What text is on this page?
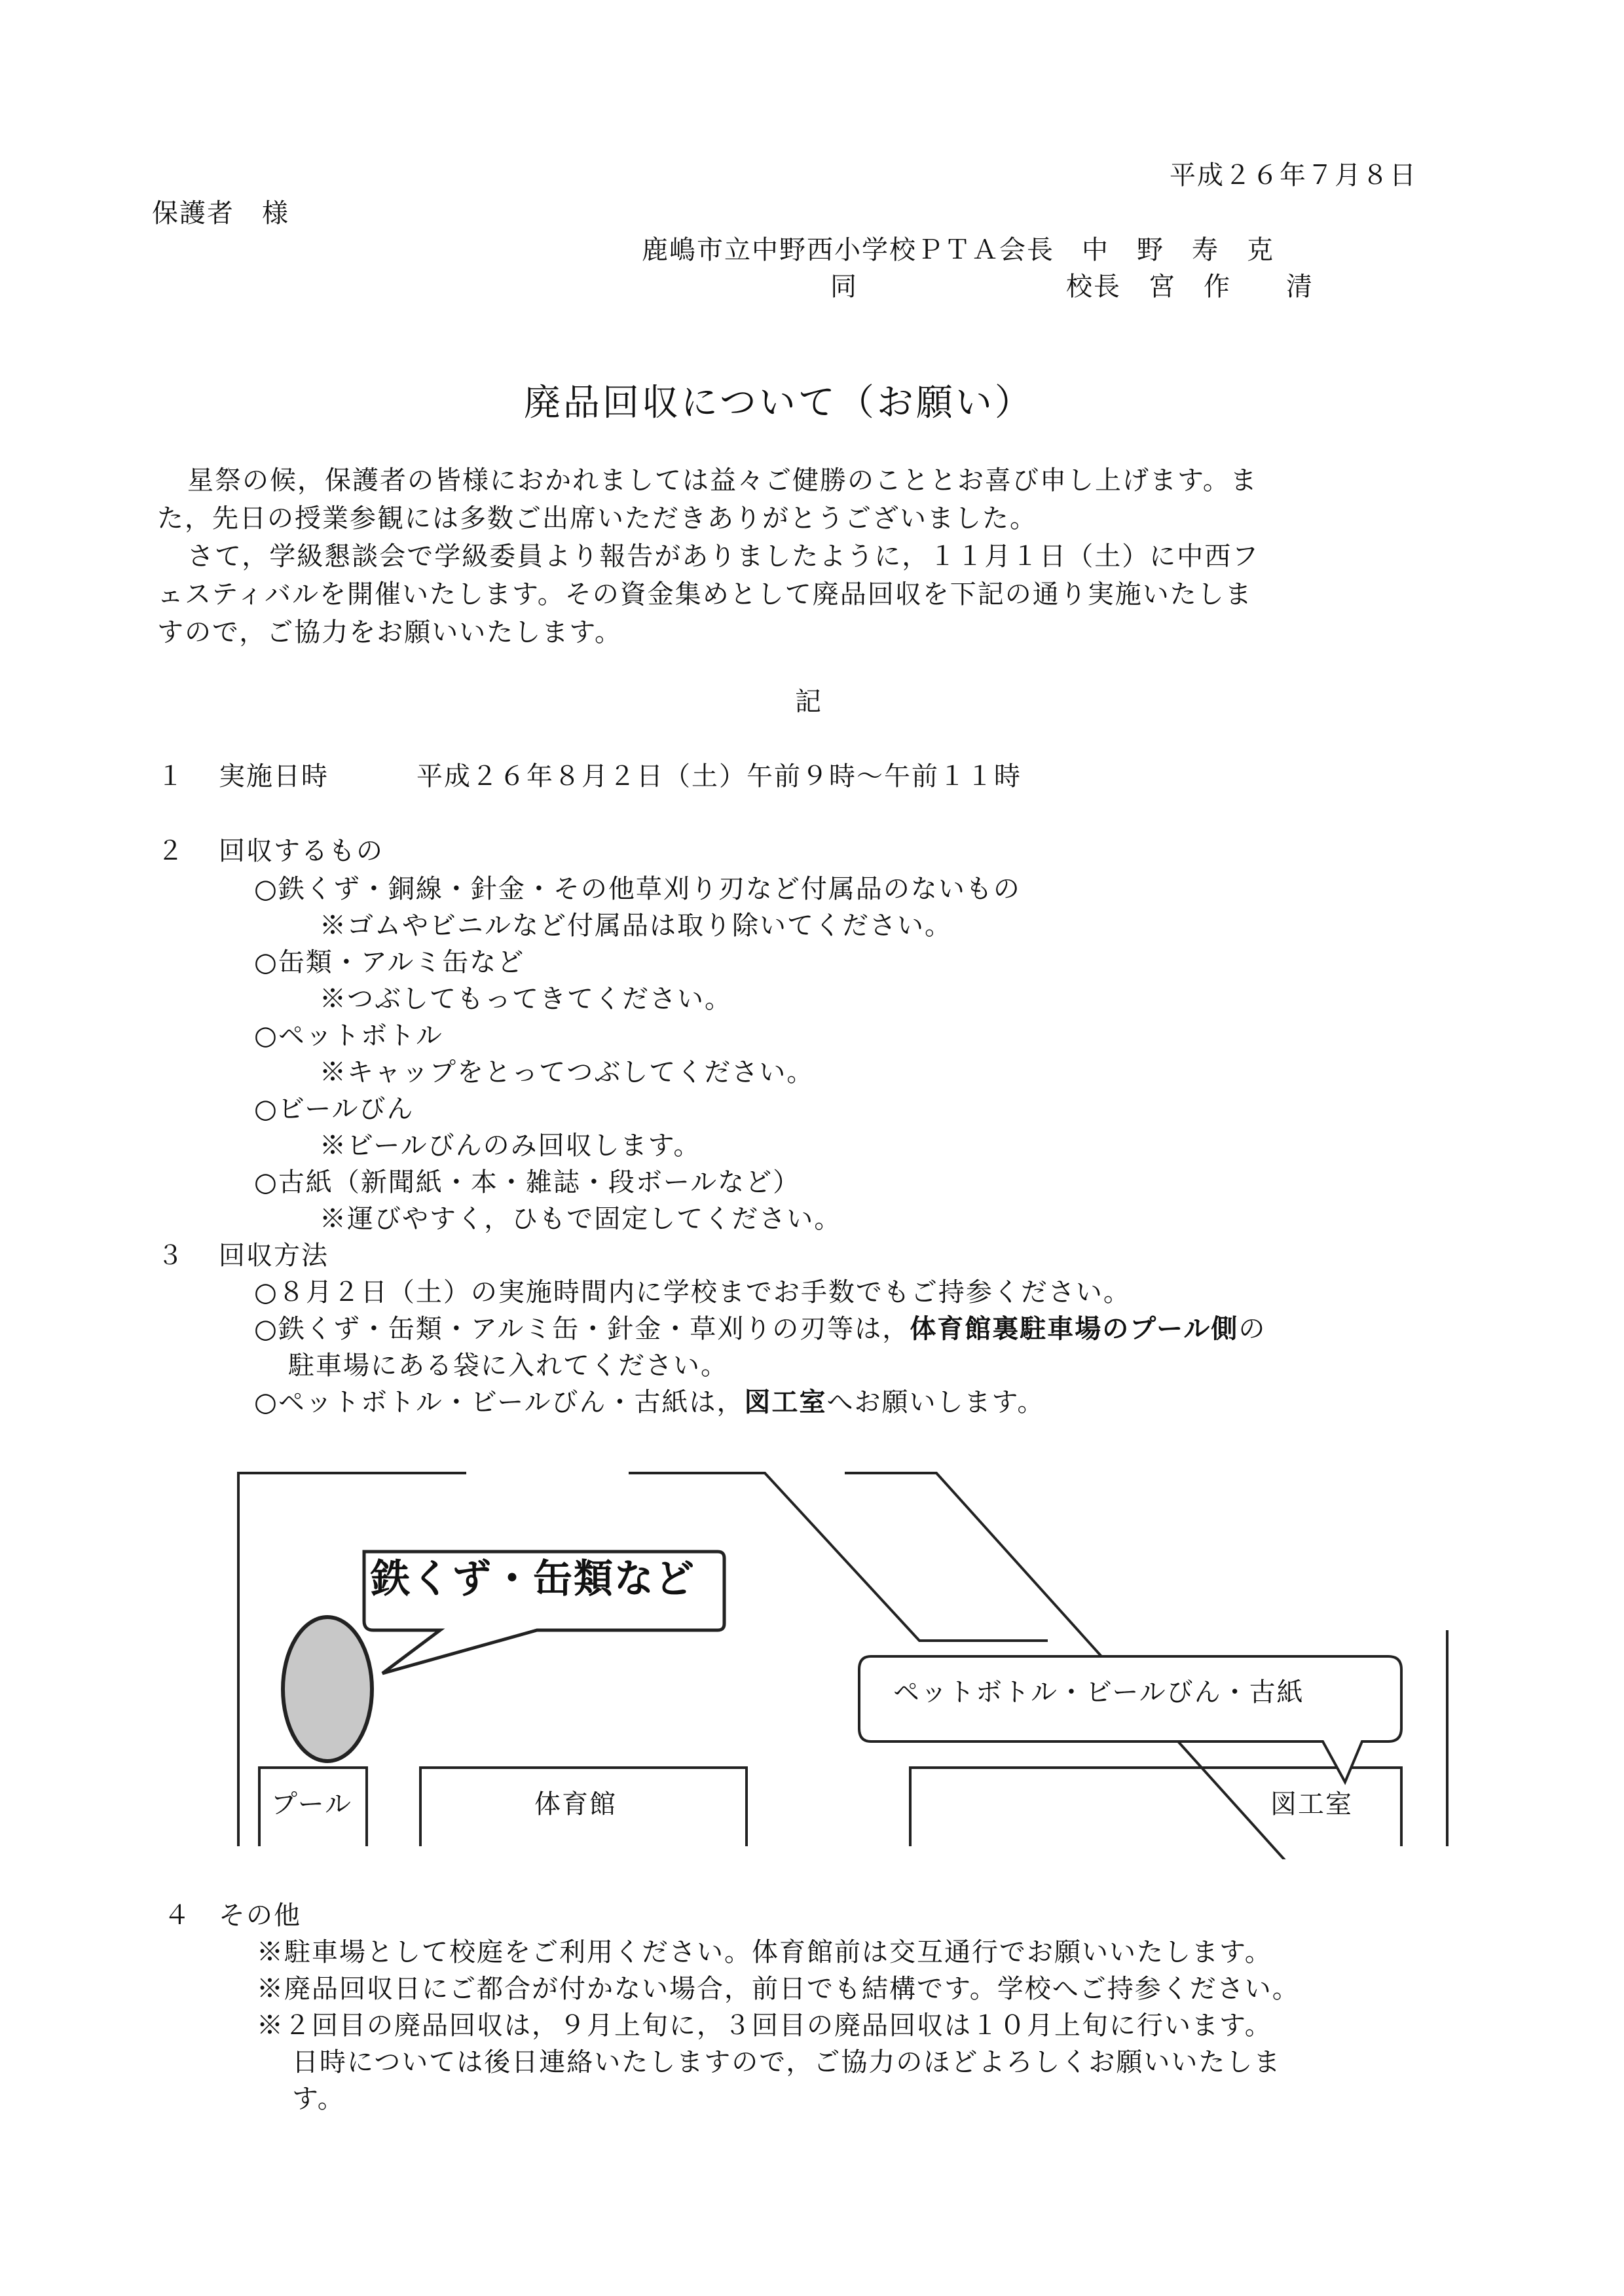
平成２６年７月８日
保護者　様
鹿嶋市立中野西小学校ＰＴＡ会長　中　野　寿　克
同	校長　宮　作　　清
廃品回収について（お願い）
星祭の候，保護者の皆様におかれましては益々ご健勝のこととお喜び申し上げます。ま
た，先日の授業参観には多数ご出席いただきありがとうございました。
さて，学級懇談会で学級委員より報告がありましたように，１１月１日（土）に中西フ
ェスティバルを開催いたします。その資金集めとして廃品回収を下記の通り実施いたしま
すので，ご協力をお願いいたします。
記
１ 実施日時	平成２６年８月２日（土）午前９時～午前１１時
２ 回収するもの
○鉄くず・銅線・針金・その他草刈り刃など付属品のないもの
※ゴムやビニルなど付属品は取り除いてください。
○缶類・アルミ缶など
※つぶしてもってきてください。
○ペットボトル
※キャップをとってつぶしてください。
○ビールびん
※ビールびんのみ回収します。
○古紙（新聞紙・本・雑誌・段ボールなど）
※運びやすく，ひもで固定してください。
３ 回収方法
○８月２日（土）の実施時間内に学校までお手数でもご持参ください。
○鉄くず・缶類・アルミ缶・針金・草刈りの刃等は，体育館裏駐車場のプール側の
駐車場にある袋に入れてください。
○ペットボトル・ビールびん・古紙は，図工室へお願いします。
鉄くず・缶類など
ペットボトル・ビールびん・古紙
プール	体育館	図工室
４ その他
※駐車場として校庭をご利用ください。体育館前は交互通行でお願いいたします。
※廃品回収日にご都合が付かない場合，前日でも結構です。学校へご持参ください。
※２回目の廃品回収は，９月上旬に，３回目の廃品回収は１０月上旬に行います。
日時については後日連絡いたしますので，ご協力のほどよろしくお願いいたしま
す。
